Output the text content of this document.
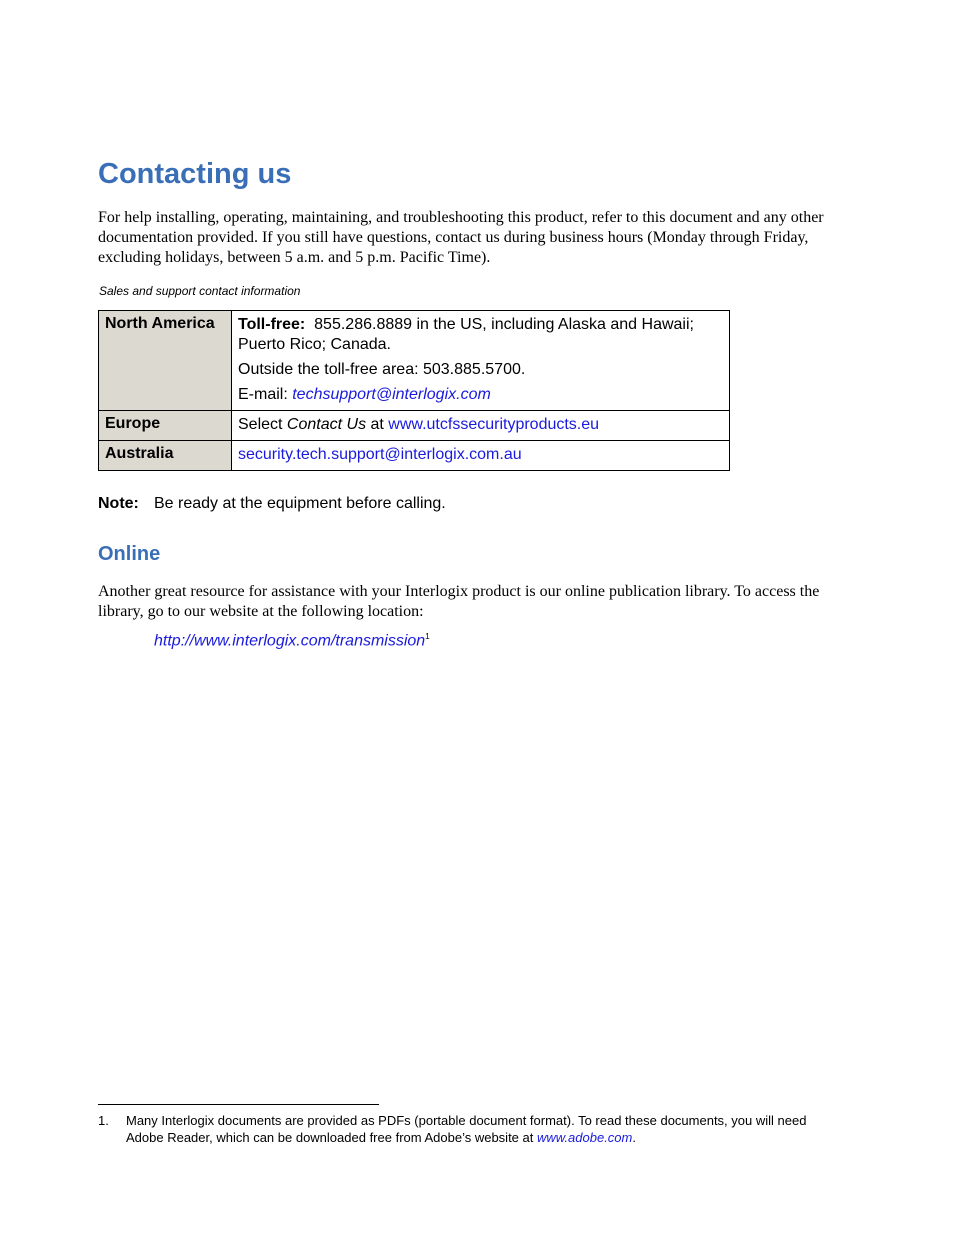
Contacting us

For help installing, operating, maintaining, and troubleshooting this product, refer to this document and any other documentation provided. If you still have questions, contact us during business hours (Monday through Friday, excluding holidays, between 5 a.m. and 5 p.m. Pacific Time).

Sales and support contact information

North America	Toll-free: 855.286.8889 in the US, including Alaska and Hawaii; Puerto Rico; Canada.

Outside the toll-free area: 503.885.5700.

E-mail: techsupport@interlogix.com

Europe	Select Contact Us at www.utcfssecurityproducts.eu

Australia	security.tech.support@interlogix.com.au

Note: Be ready at the equipment before calling.

Online

Another great resource for assistance with your Interlogix product is our online publication library. To access the library, go to our website at the following location:

http://www.interlogix.com/transmission$^1$

1. Many Interlogix documents are provided as PDFs (portable document format). To read these documents, you will need Adobe Reader, which can be downloaded free from Adobe’s website at www.adobe.com.
